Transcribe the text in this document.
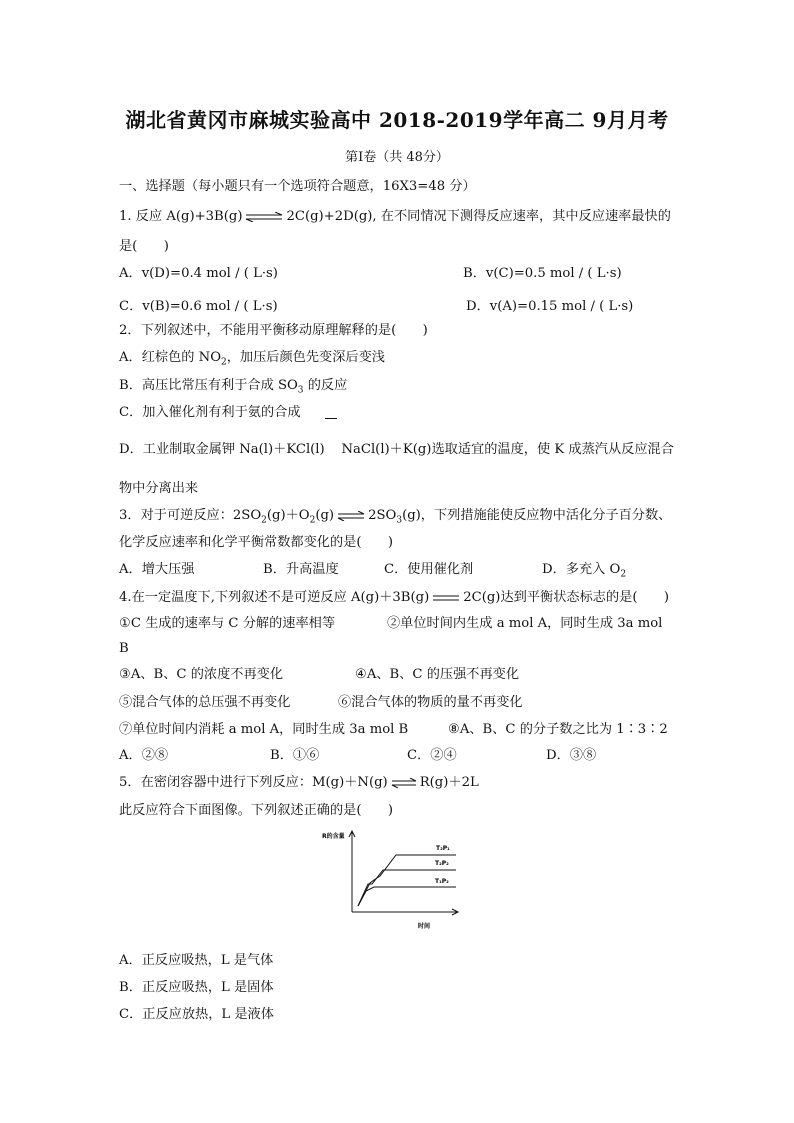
湖北省黄冈市麻城实验高中 2018-2019学年高二 9月月考
第Ⅰ卷（共 48分）
一、选择题（每小题只有一个选项符合题意，16X3=48 分）
1. 反应 A(g)+3B(g) ⇌ 2C(g)+2D(g), 在不同情况下测得反应速率，其中反应速率最快的
是(　　)
A．v(D)=0.4 mol / ( L·s)	B．v(C)=0.5 mol / ( L·s)
C．v(B)=0.6 mol / ( L·s)	D．v(A)=0.15 mol / ( L·s)
2．下列叙述中，不能用平衡移动原理解释的是(　　)
A．红棕色的 $NO_2$，加压后颜色先变深后变浅
B．高压比常压有利于合成 $SO_3$ 的反应
C．加入催化剂有利于氨的合成
D．工业制取金属钾 Na(l)＋KCl(l) NaCl(l)＋K(g)选取适宜的温度，使 K 成蒸汽从反应混合
物中分离出来
3．对于可逆反应：$2SO_2(g)+O_2(g)$ ⇌ $2SO_3(g)$，下列措施能使反应物中活化分子百分数、
化学反应速率和化学平衡常数都变化的是(　　)
A．增大压强	B．升高温度	C．使用催化剂	D．多充入 $O_2$
4.在一定温度下,下列叙述不是可逆反应 A(g)＋3B(g)	2C(g)达到平衡状态标志的是(　　)
①C 生成的速率与 C 分解的速率相等	②单位时间内生成 a mol A，同时生成 3a mol
B
③A、B、C 的浓度不再变化	④A、B、C 的压强不再变化
⑤混合气体的总压强不再变化	⑥混合气体的物质的量不再变化
⑦单位时间内消耗 a mol A，同时生成 3a mol B	⑧A、B、C 的分子数之比为 1∶3∶2
A．②⑧	B．①⑥	C．②④	D．③⑧
5．在密闭容器中进行下列反应：M(g)＋N(g) ⇌ R(g)＋2L
此反应符合下面图像。下列叙述正确的是(　　)
R的含量
时间
T₂P₁
T₂P₂
T₁P₂
A．正反应吸热，L 是气体
B．正反应吸热，L 是固体
C．正反应放热，L 是液体
